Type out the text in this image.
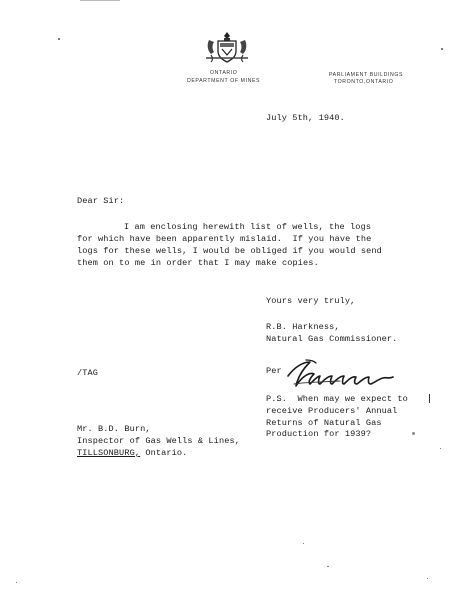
ONTARIO
DEPARTMENT OF MINES
PARLIAMENT BUILDINGS
TORONTO,ONTARIO
July 5th, 1940.
Dear Sir:
I am enclosing herewith list of wells, the logs
for which have been apparently mislaid.  If you have the
logs for these wells, I would be obliged if you would send
them on to me in order that I may make copies.
Yours very truly,
R.B. Harkness,
Natural Gas Commissioner.
/TAG	Per
P.S.  When may we expect to
receive Producers' Annual
Returns of Natural Gas
Production for 1939?
Mr. B.D. Burn,
Inspector of Gas Wells & Lines,
TILLSONBURG, Ontario.
